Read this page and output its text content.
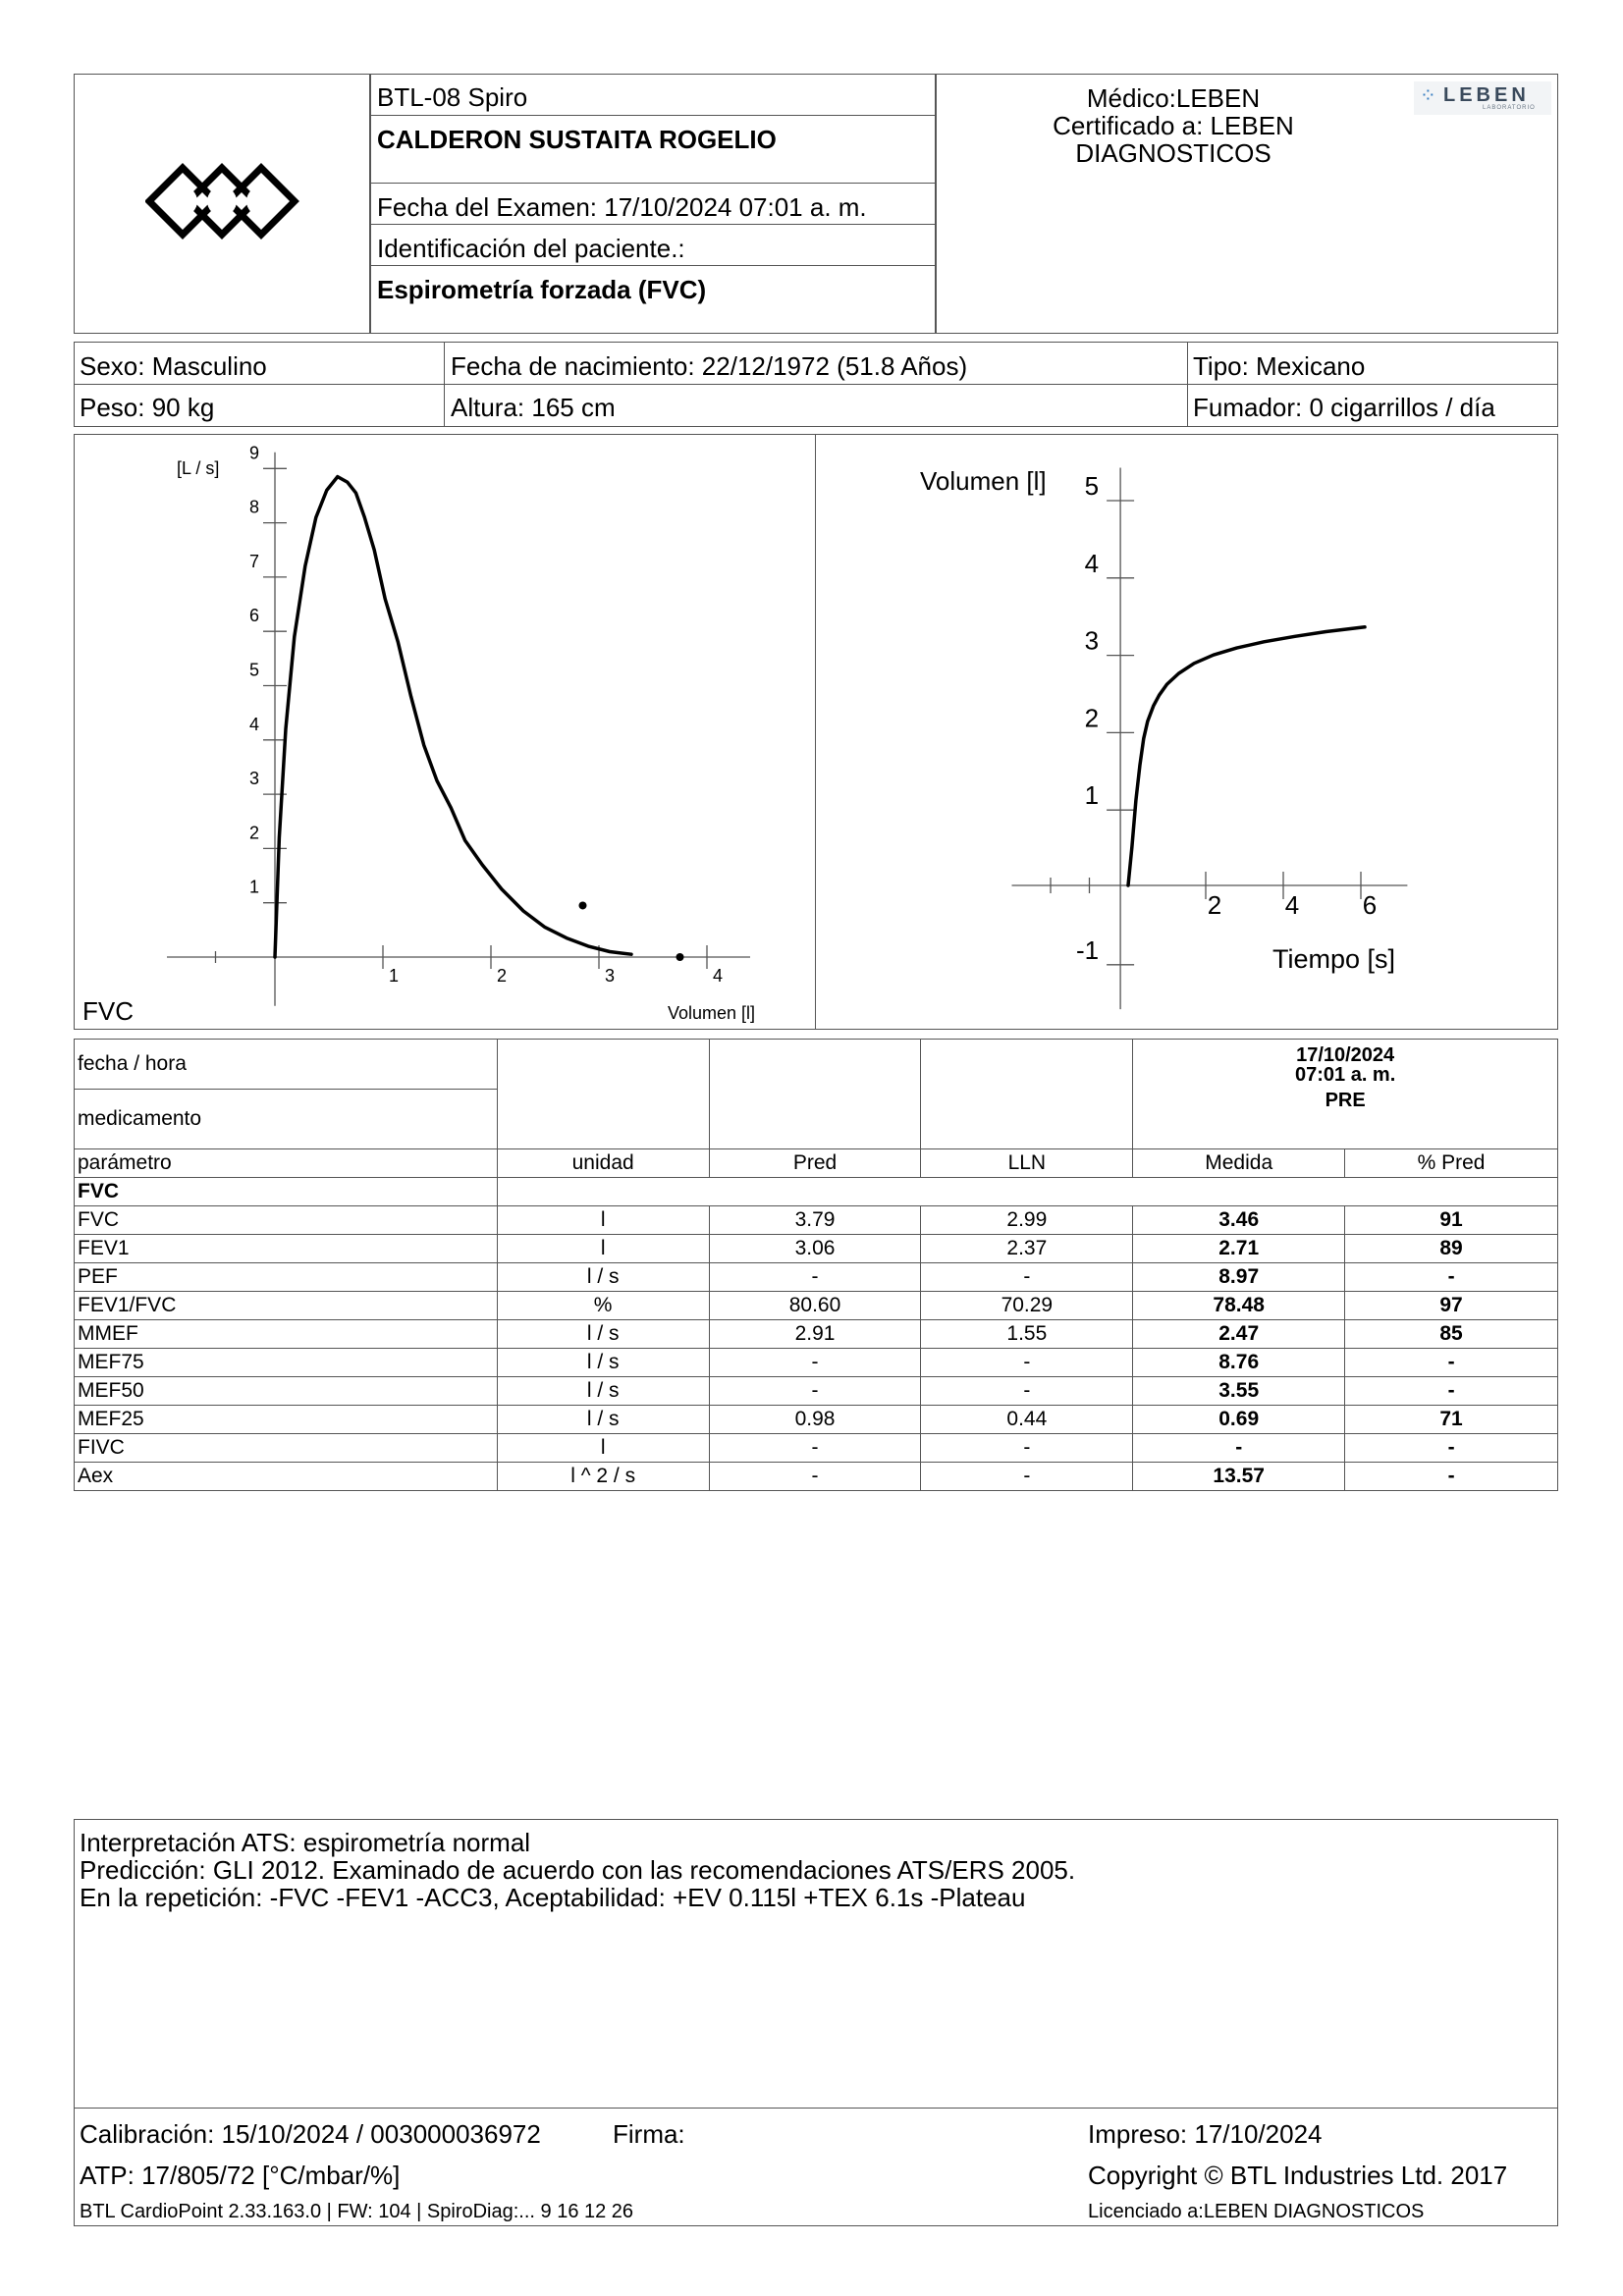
BTL-08 Spiro
CALDERON SUSTAITA ROGELIO
Fecha del Examen: 17/10/2024 07:01 a. m.
Identificación del paciente.:
Espirometría forzada (FVC)
Médico:LEBEN
Certificado a: LEBEN
DIAGNOSTICOS
⁘ LEBEN
LABORATORIO
Sexo: Masculino	Fecha de nacimiento: 22/12/1972 (51.8 Años)	Tipo: Mexicano
Peso: 90 kg	Altura: 165 cm	Fumador: 0 cigarrillos / día
1
2
3
4
5
6
7
8
9
1	2	3	4
[L / s]
Volumen [l]
FVC
-1
1
2
3
4
5
2 4 6
Volumen [l]
Tiempo [s]
fecha / hora				17/10/2024
07:01 a. m.
PRE	

medicamento					
parámetro	unidad	Pred	LLN	Medida	% Pred
FVC					
FVC	l	3.79	2.99	3.46	91
FEV1	l	3.06	2.37	2.71	89
PEF	l / s	-	-	8.97	-
FEV1/FVC	%	80.60	70.29	78.48	97
MMEF	l / s	2.91	1.55	2.47	85
MEF75	l / s	-	-	8.76	-
MEF50	l / s	-	-	3.55	-
MEF25	l / s	0.98	0.44	0.69	71
FIVC	l	-	-	-	-
Aex	l ^ 2 / s	-	-	13.57	-
Interpretación ATS: espirometría normal
Predicción: GLI 2012. Examinado de acuerdo con las recomendaciones ATS/ERS 2005.
En la repetición: -FVC -FEV1 -ACC3, Aceptabilidad: +EV 0.115l +TEX 6.1s -Plateau
Calibración: 15/10/2024 / 003000036972	Firma:	Impreso: 17/10/2024
ATP: 17/805/72 [°C/mbar/%]	Copyright © BTL Industries Ltd. 2017
BTL CardioPoint 2.33.163.0 | FW: 104 | SpiroDiag:... 9 16 12 26	Licenciado a:LEBEN DIAGNOSTICOS
